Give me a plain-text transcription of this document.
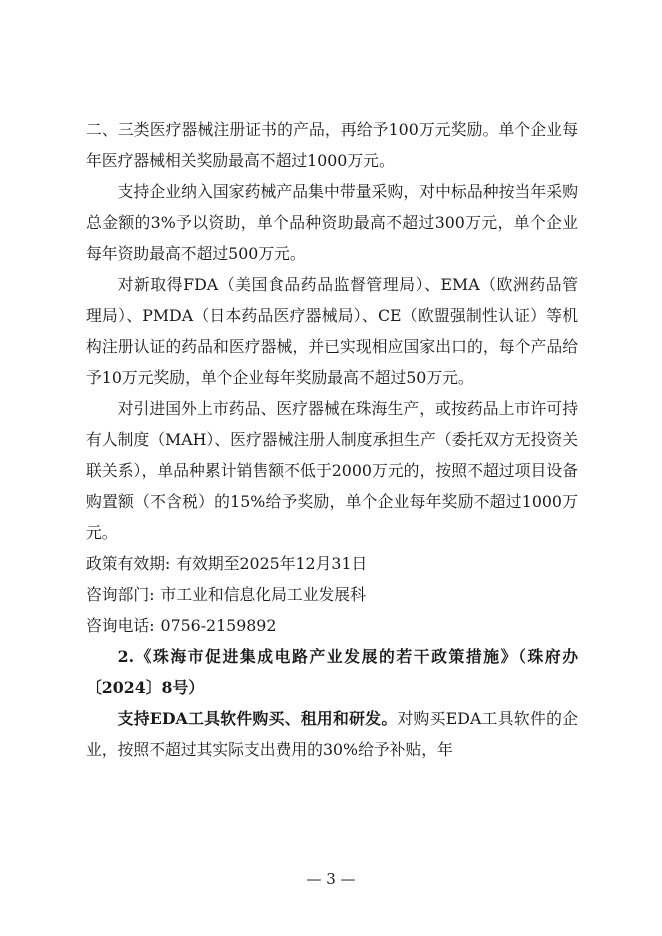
二、三类医疗器械注册证书的产品，再给予100万元奖励。单个企业每年医疗器械相关奖励最高不超过1000万元。

支持企业纳入国家药械产品集中带量采购，对中标品种按当年采购总金额的3%予以资助，单个品种资助最高不超过300万元，单个企业每年资助最高不超过500万元。

对新取得FDA（美国食品药品监督管理局）、EMA（欧洲药品管理局）、PMDA（日本药品医疗器械局）、CE（欧盟强制性认证）等机构注册认证的药品和医疗器械，并已实现相应国家出口的，每个产品给予10万元奖励，单个企业每年奖励最高不超过50万元。

对引进国外上市药品、医疗器械在珠海生产，或按药品上市许可持有人制度（MAH）、医疗器械注册人制度承担生产（委托双方无投资关联关系），单品种累计销售额不低于2000万元的，按照不超过项目设备购置额（不含税）的15%给予奖励，单个企业每年奖励不超过1000万元。

政策有效期: 有效期至2025年12月31日

咨询部门: 市工业和信息化局工业发展科

咨询电话: 0756-2159892

2.《珠海市促进集成电路产业发展的若干政策措施》（珠府办〔2024〕8号）

支持EDA工具软件购买、租用和研发。对购买EDA工具软件的企业，按照不超过其实际支出费用的30%给予补贴，年

— 3 —
